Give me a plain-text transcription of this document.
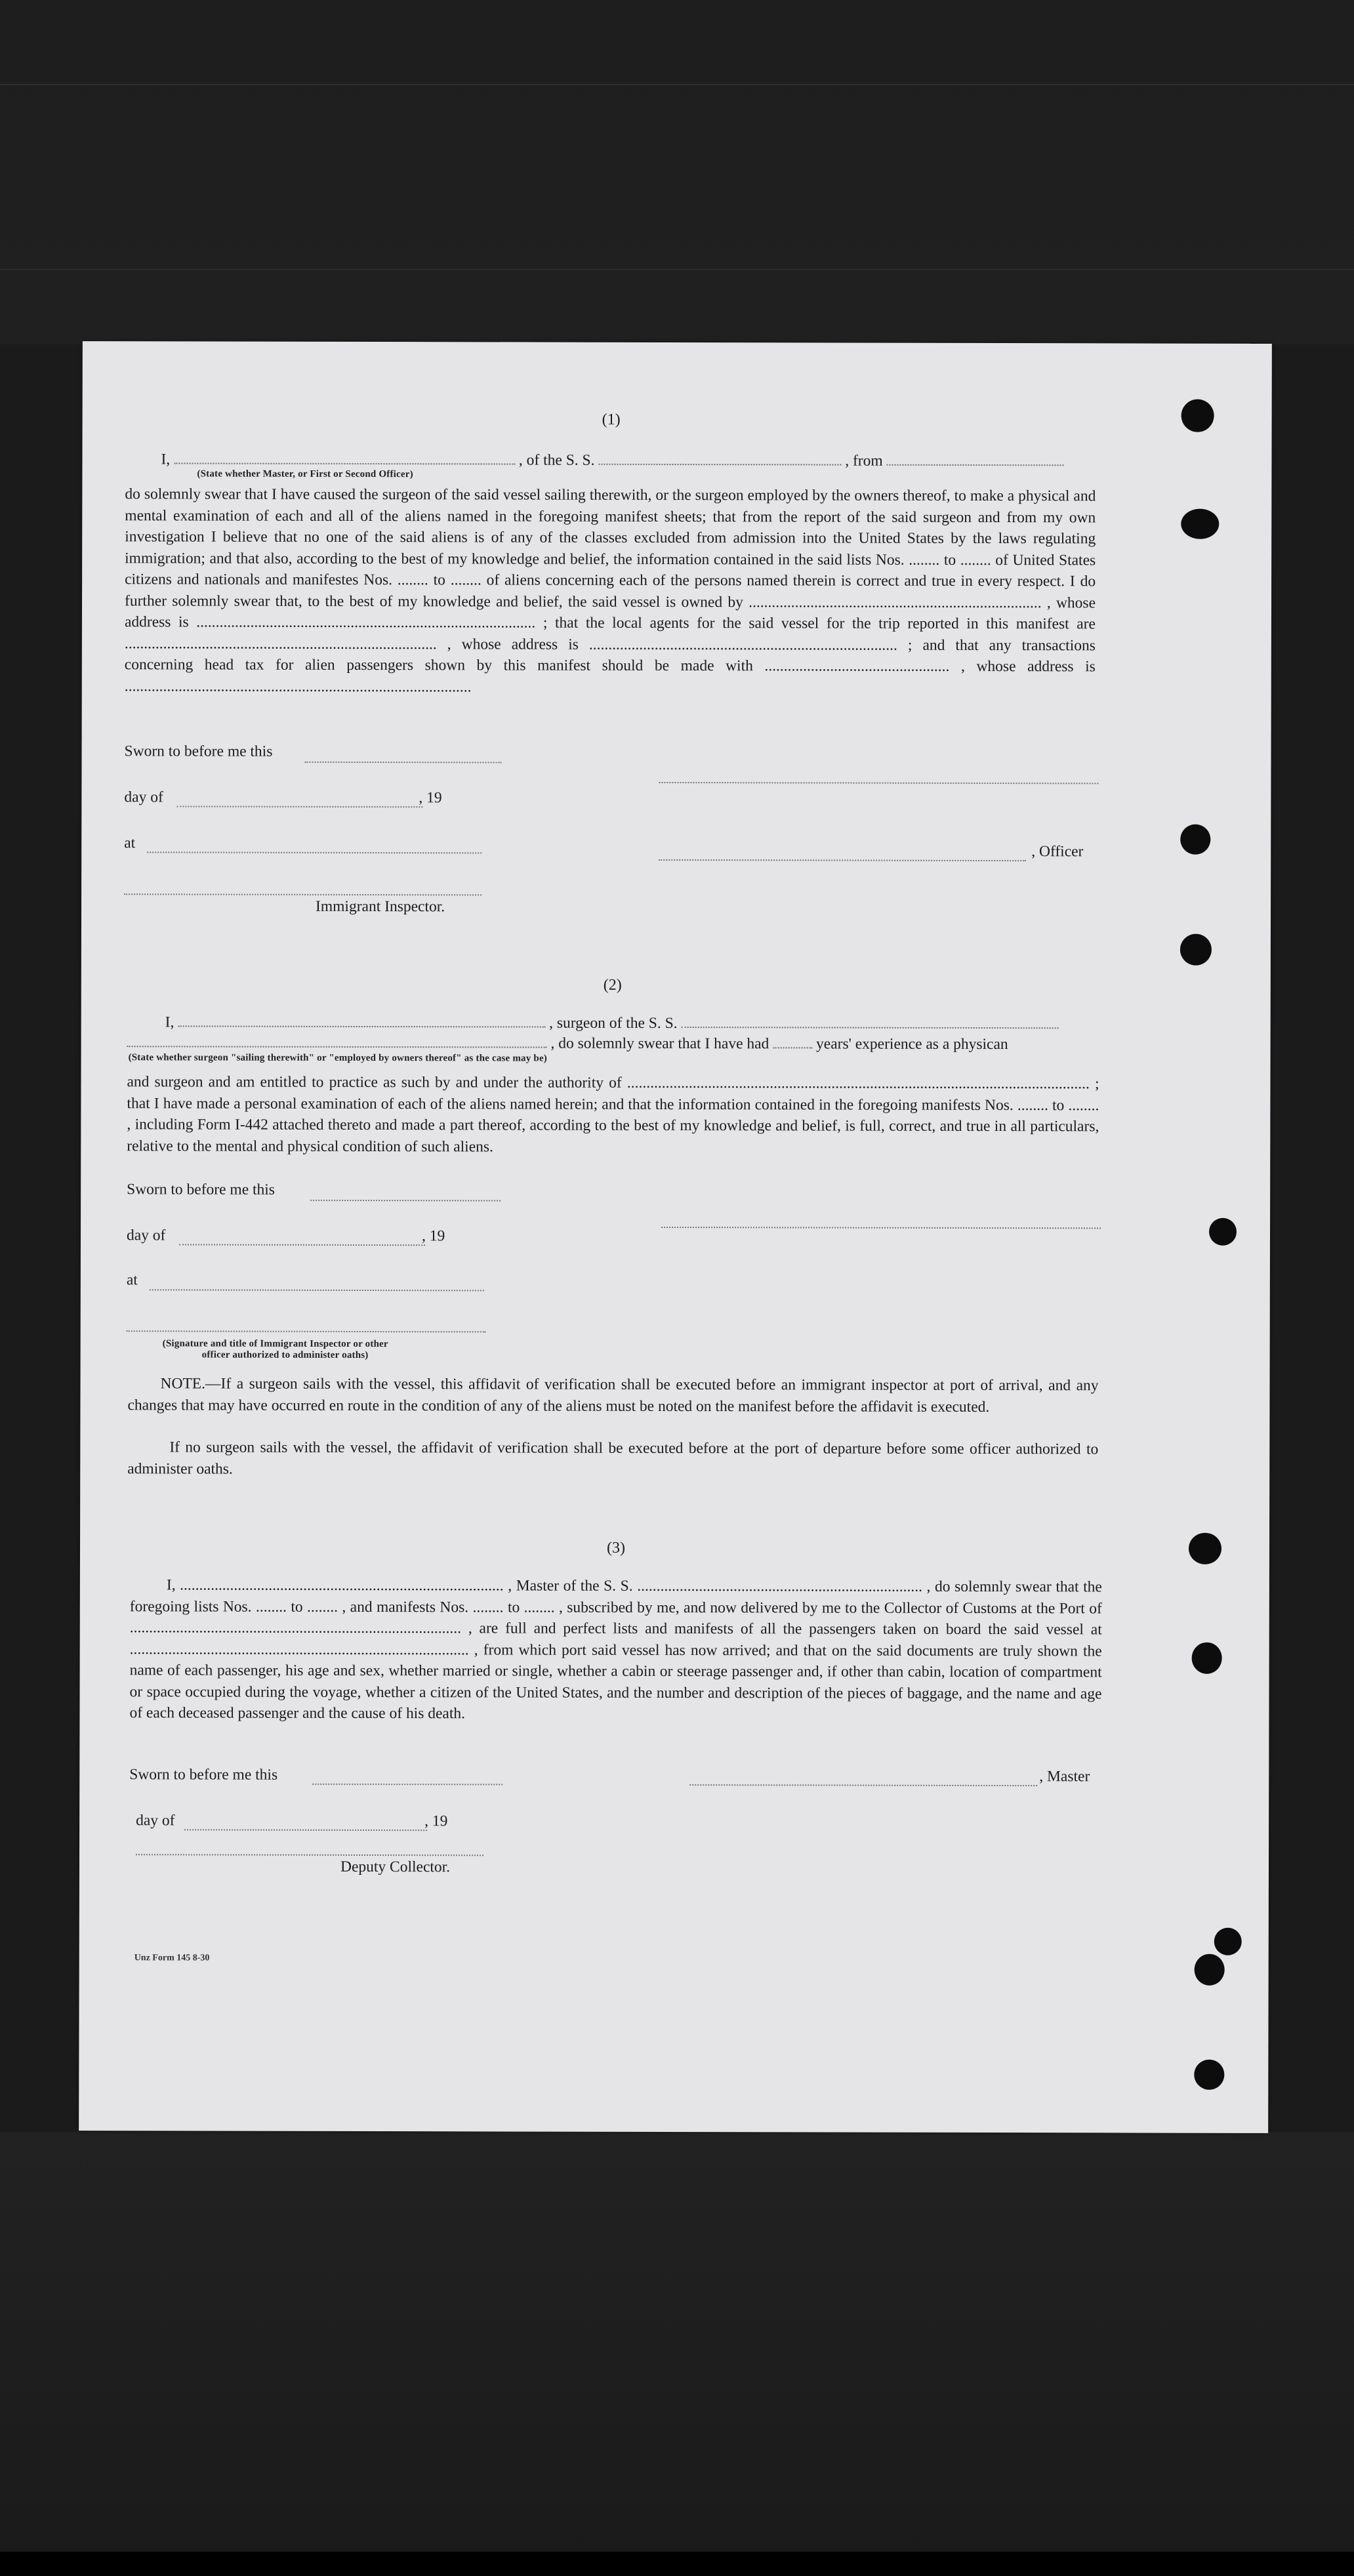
(1)
I,	, of the S. S.	, from
(State whether Master, or First or Second Officer)
do solemnly swear that I have caused the surgeon of the said vessel sailing therewith, or the surgeon employed by the owners thereof, to make a physical and mental examination of each and all of the aliens named in the foregoing manifest sheets; that from the report of the said surgeon and from my own investigation I believe that no one of the said aliens is of any of the classes excluded from admission into the United States by the laws regulating immigration; and that also, according to the best of my knowledge and belief, the information contained in the said lists Nos. ........ to ........ of United States citizens and nationals and manifestes Nos. ........ to ........ of aliens concerning each of the persons named therein is correct and true in every respect. I do further solemnly swear that, to the best of my knowledge and belief, the said vessel is owned by ............................................................................ , whose address is ........................................................................................ ; that the local agents for the said vessel for the trip reported in this manifest are ................................................................................. , whose address is ................................................................................ ; and that any transactions concerning head tax for alien passengers shown by this manifest should be made with ................................................ , whose address is ..........................................................................................
Sworn to before me this
day of	, 19
at	, Officer
Immigrant Inspector.
(2)
I,	, surgeon of the S. S.
, do solemnly swear that I have had	years' experience as a physican
(State whether surgeon "sailing therewith" or "employed by owners thereof" as the case may be)
and surgeon and am entitled to practice as such by and under the authority of ........................................................................................................................ ; that I have made a personal examination of each of the aliens named herein; and that the information contained in the foregoing manifests Nos. ........ to ........ , including Form I-442 attached thereto and made a part thereof, according to the best of my knowledge and belief, is full, correct, and true in all particulars, relative to the mental and physical condition of such aliens.
Sworn to before me this
day of	, 19
at
(Signature and title of Immigrant Inspector or other
officer authorized to administer oaths)
NOTE.—If a surgeon sails with the vessel, this affidavit of verification shall be executed before an immigrant inspector at port of arrival, and any changes that may have occurred en route in the condition of any of the aliens must be noted on the manifest before the affidavit is executed.
If no surgeon sails with the vessel, the affidavit of verification shall be executed before at the port of departure before some officer authorized to administer oaths.
(3)
I, .................................................................................... , Master of the S. S. .......................................................................... , do solemnly swear that the foregoing lists Nos. ........ to ........ , and manifests Nos. ........ to ........ , subscribed by me, and now delivered by me to the Collector of Customs at the Port of ...................................................................................... , are full and perfect lists and manifests of all the passengers taken on board the said vessel at ........................................................................................ , from which port said vessel has now arrived; and that on the said documents are truly shown the name of each passenger, his age and sex, whether married or single, whether a cabin or steerage passenger and, if other than cabin, location of compartment or space occupied during the voyage, whether a citizen of the United States, and the number and description of the pieces of baggage, and the name and age of each deceased passenger and the cause of his death.
Sworn to before me this	, Master
day of	, 19
Deputy Collector.
Unz Form 145 8-30
